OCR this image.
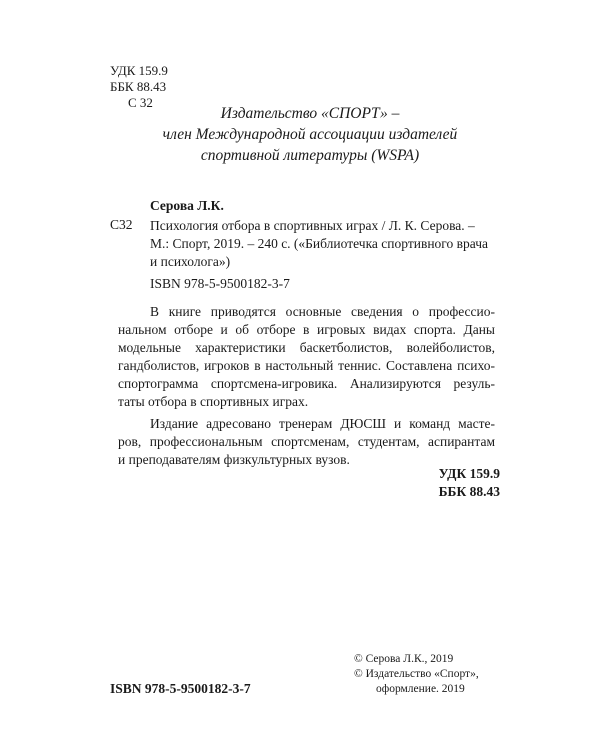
УДК 159.9
ББК 88.43
С 32
Издательство «СПОРТ» –
член Международной ассоциации издателей
спортивной литературы (WSPA)
Серова Л.К.
С32 Психология отбора в спортивных играх / Л. К. Серова. –
М.: Спорт, 2019. – 240 с. («Библиотечка спортивного врача
и психолога»)
ISBN 978-5-9500182-3-7
В книге приводятся основные сведения о профессио-
нальном отборе и об отборе в игровых видах спорта. Даны
модельные характеристики баскетболистов, волейболистов,
гандболистов, игроков в настольный теннис. Составлена психо-
спортограмма спортсмена-игровика. Анализируются резуль-
таты отбора в спортивных играх.
Издание адресовано тренерам ДЮСШ и команд масте-
ров, профессиональным спортсменам, студентам, аспирантам
и преподавателям физкультурных вузов.
УДК 159.9
ББК 88.43
ISBN 978-5-9500182-3-7
© Серова Л.К., 2019
© Издательство «Спорт»,
оформление. 2019
